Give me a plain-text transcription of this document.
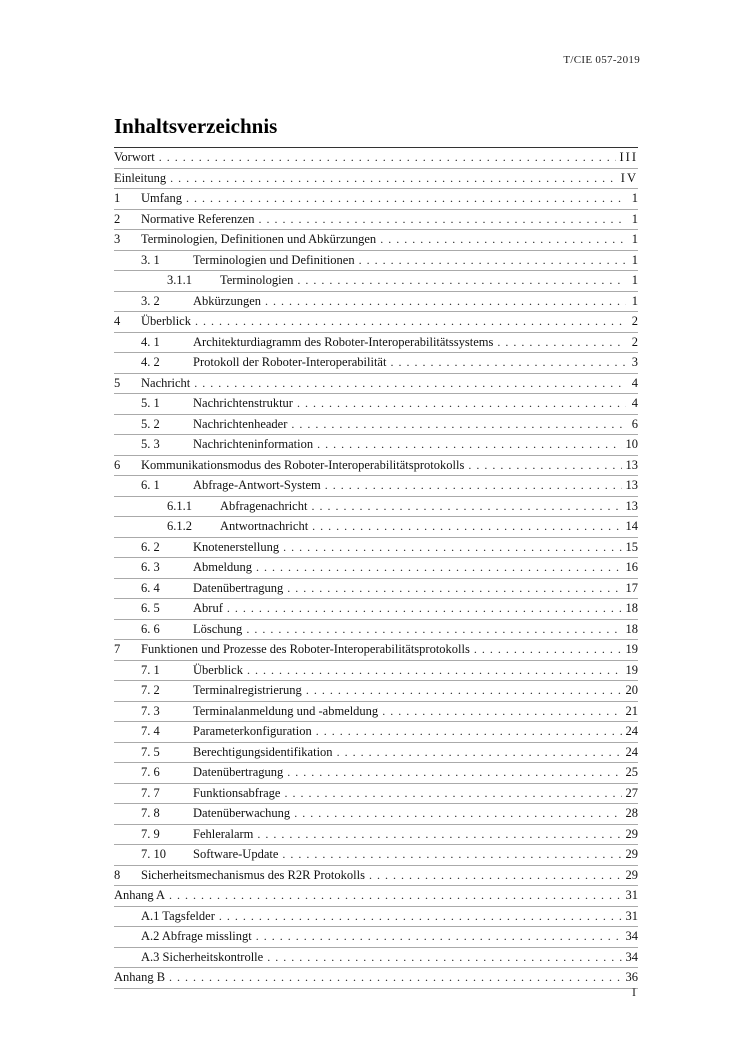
T/CIE 057-2019
Inhaltsverzeichnis
Vorwort . . .	III
Einleitung . . .	IV
1	Umfang . . .	1
2	Normative Referenzen . . .	1
3	Terminologien, Definitionen und Abkürzungen . . .	1
3. 1	Terminologien und Definitionen . . .	1
3.1.1 Terminologien . . .	1
3. 2	Abkürzungen . . .	1
4	Überblick . . .	2
4. 1	Architekturdiagramm des Roboter-Interoperabilitätssystems . . .	2
4. 2	Protokoll der Roboter-Interoperabilität . . .	3
5	Nachricht . . .	4
5. 1	Nachrichtenstruktur . . .	4
5. 2	Nachrichtenheader . . .	6
5. 3	Nachrichteninformation . . .	10
6	Kommunikationsmodus des Roboter-Interoperabilitätsprotokolls . . .	13
6. 1	Abfrage-Antwort-System . . .	13
6.1.1 Abfragenachricht . . .	13
6.1.2 Antwortnachricht . . .	14
6. 2	Knotenerstellung . . .	15
6. 3	Abmeldung . . .	16
6. 4	Datenübertragung . . .	17
6. 5	Abruf . . .	18
6. 6	Löschung . . .	18
7	Funktionen und Prozesse des Roboter-Interoperabilitätsprotokolls . . .	19
7. 1	Überblick . . .	19
7. 2	Terminalregistrierung . . .	20
7. 3	Terminalanmeldung und -abmeldung . . .	21
7. 4	Parameterkonfiguration . . .	24
7. 5	Berechtigungsidentifikation . . .	24
7. 6	Datenübertragung . . .	25
7. 7	Funktionsabfrage . . .	27
7. 8	Datenüberwachung . . .	28
7. 9	Fehleralarm . . .	29
7. 10 Software-Update . . .	29
8	Sicherheitsmechanismus des R2R Protokolls . . .	29
Anhang A . . .	31
A.1 Tagsfelder . . .	31
A.2 Abfrage misslingt . . .	34
A.3 Sicherheitskontrolle . . .	34
Anhang B . . .	36
I
